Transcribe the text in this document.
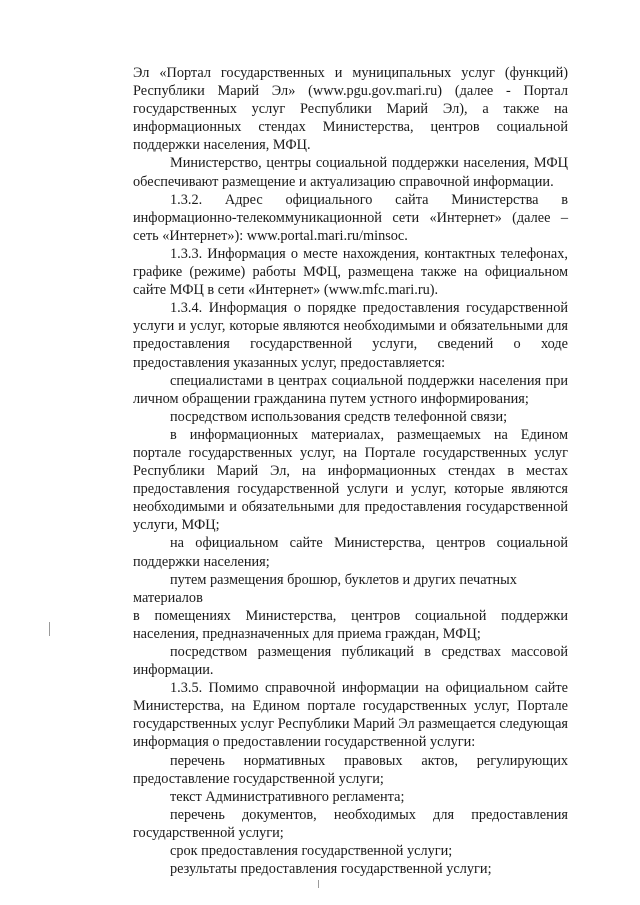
Эл «Портал государственных и муниципальных услуг (функций) Республики Марий Эл» (www.pgu.gov.mari.ru) (далее - Портал государственных услуг Республики Марий Эл), а также на информационных стендах Министерства, центров социальной поддержки населения, МФЦ.

Министерство, центры социальной поддержки населения, МФЦ обеспечивают размещение и актуализацию справочной информации.

1.3.2. Адрес официального сайта Министерства в информационно-телекоммуникационной сети «Интернет» (далее – сеть «Интернет»): www.portal.mari.ru/minsoc.

1.3.3. Информация о месте нахождения, контактных телефонах, графике (режиме) работы МФЦ, размещена также на официальном сайте МФЦ в сети «Интернет» (www.mfc.mari.ru).

1.3.4. Информация о порядке предоставления государственной услуги и услуг, которые являются необходимыми и обязательными для предоставления государственной услуги, сведений о ходе предоставления указанных услуг, предоставляется:

специалистами в центрах социальной поддержки населения при личном обращении гражданина путем устного информирования;

посредством использования средств телефонной связи;

в информационных материалах, размещаемых на Едином портале государственных услуг, на Портале государственных услуг Республики Марий Эл, на информационных стендах в местах предоставления государственной услуги и услуг, которые являются необходимыми и обязательными для предоставления государственной услуги, МФЦ;

на официальном сайте Министерства, центров социальной поддержки населения;

путем размещения брошюр, буклетов и других печатных

материалов

в помещениях Министерства, центров социальной поддержки населения, предназначенных для приема граждан, МФЦ;

посредством размещения публикаций в средствах массовой информации.

1.3.5. Помимо справочной информации на официальном сайте Министерства, на Едином портале государственных услуг, Портале государственных услуг Республики Марий Эл размещается следующая информация о предоставлении государственной услуги:

перечень нормативных правовых актов, регулирующих предоставление государственной услуги;

текст Административного регламента;

перечень документов, необходимых для предоставления государственной услуги;

срок предоставления государственной услуги;

результаты предоставления государственной услуги;
